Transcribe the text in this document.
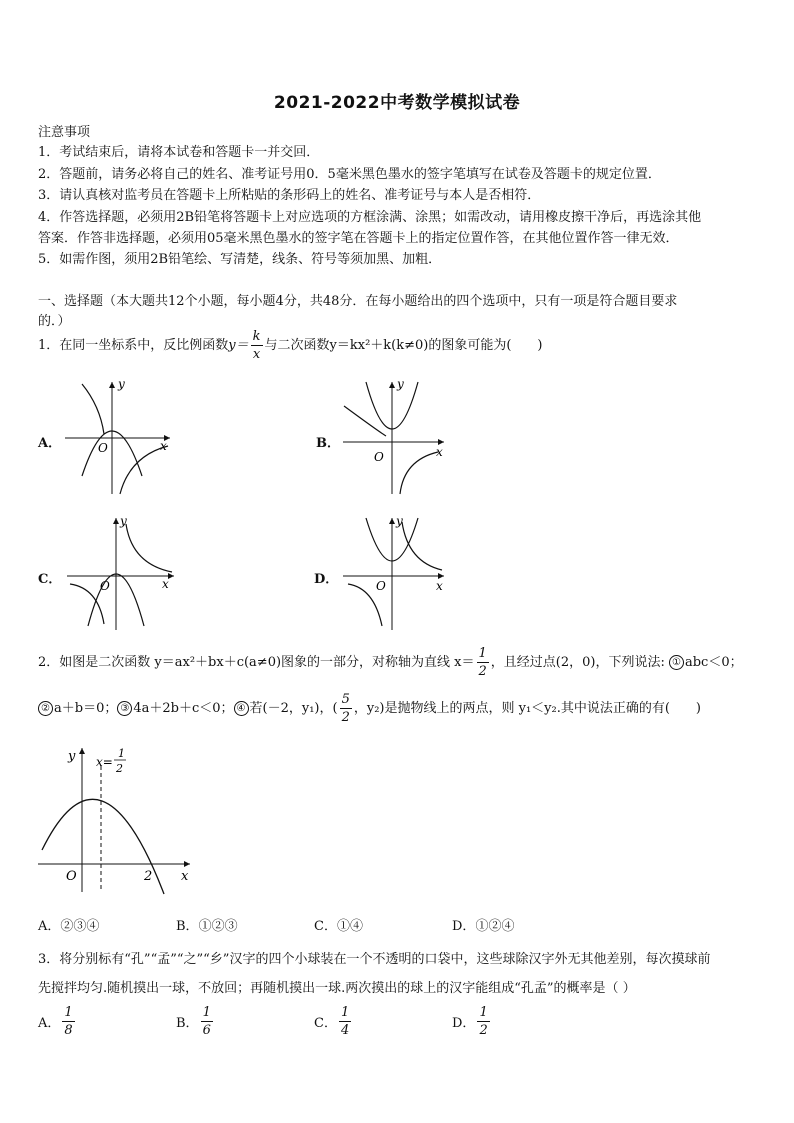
2021-2022中考数学模拟试卷
注意事项
1．考试结束后，请将本试卷和答题卡一并交回．
2．答题前，请务必将自己的姓名、准考证号用0．5毫米黑色墨水的签字笔填写在试卷及答题卡的规定位置．
3．请认真核对监考员在答题卡上所粘贴的条形码上的姓名、准考证号与本人是否相符．
4．作答选择题，必须用2B铅笔将答题卡上对应选项的方框涂满、涂黑；如需改动，请用橡皮擦干净后，再选涂其他
答案．作答非选择题，必须用05毫米黑色墨水的签字笔在答题卡上的指定位置作答，在其他位置作答一律无效．
5．如需作图，须用2B铅笔绘、写清楚，线条、符号等须加黑、加粗．
一、选择题（本大题共12个小题，每小题4分，共48分．在每小题给出的四个选项中，只有一项是符合题目要求
的．）
1．在同一坐标系中，反比例函数$y= \frac{k}{x}$ 与二次函数y＝kx²＋k(k≠0)的图象可能为(　　)
A．
y
x
O	B．
y
x
O
C．
y
x
O	D．
y
x
O
2．如图是二次函数 y＝ax²＋bx＋c(a≠0)图象的一部分，对称轴为直线 $x= \frac{1}{2}$ ，且经过点(2，0)，下列说法: ① abc＜0；
② a＋b＝0； ③ 4a＋2b＋c＜0； ④ 若(－2，y₁)，( $\frac{5}{2}$ ，y₂)是抛物线上的两点，则 y₁＜y₂.其中说法正确的有(　　)
y
x
O	2
x=
1
2
A．②③④	B．①②③	C．①④	D．①②④
3．将分别标有“孔”“孟”“之”“乡”汉字的四个小球装在一个不透明的口袋中，这些球除汉字外无其他差别，每次摸球前
先搅拌均匀.随机摸出一球，不放回；再随机摸出一球.两次摸出的球上的汉字能组成“孔孟”的概率是（ ）
A． $\frac{1}{8}$	B． $\frac{1}{6}$	C． $\frac{1}{4}$	D． $\frac{1}{2}$
